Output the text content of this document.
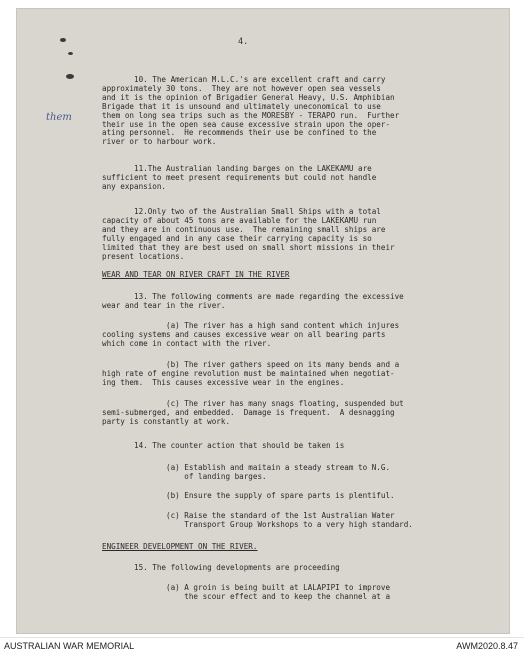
4.
them
10. The American M.L.C.'s are excellent craft and carry
approximately 30 tons.  They are not however open sea vessels
and it is the opinion of Brigadier General Heavy, U.S. Amphibian
Brigade that it is unsound and ultimately uneconomical to use
them on long sea trips such as the MORESBY - TERAPO run.  Further
their use in the open sea cause excessive strain upon the oper-
ating personnel.  He recommends their use be confined to the
river or to harbour work.
11.The Australian landing barges on the LAKEKAMU are
sufficient to meet present requirements but could not handle
any expansion.
12.Only two of the Australian Small Ships with a total
capacity of about 45 tons are available for the LAKEKAMU run
and they are in continuous use.  The remaining small ships are
fully engaged and in any case their carrying capacity is so
limited that they are best used on small short missions in their
present locations.
WEAR AND TEAR ON RIVER CRAFT IN THE RIVER
13. The following comments are made regarding the excessive
wear and tear in the river.
(a) The river has a high sand content which injures
cooling systems and causes excessive wear on all bearing parts
which come in contact with the river.
(b) The river gathers speed on its many bends and a
high rate of engine revolution must be maintained when negotiat-
ing them.  This causes excessive wear in the engines.
(c) The river has many snags floating, suspended but
semi-submerged, and embedded.  Damage is frequent.  A desnagging
party is constantly at work.
14. The counter action that should be taken is
(a) Establish and maitain a steady stream to N.G.
of landing barges.
(b) Ensure the supply of spare parts is plentiful.
(c) Raise the standard of the 1st Australian Water
Transport Group Workshops to a very high standard.
ENGINEER DEVELOPMENT ON THE RIVER.
15. The following developments are proceeding
(a) A groin is being built at LALAPIPI to improve
the scour effect and to keep the channel at a
AUSTRALIAN WAR MEMORIAL	AWM2020.8.47
